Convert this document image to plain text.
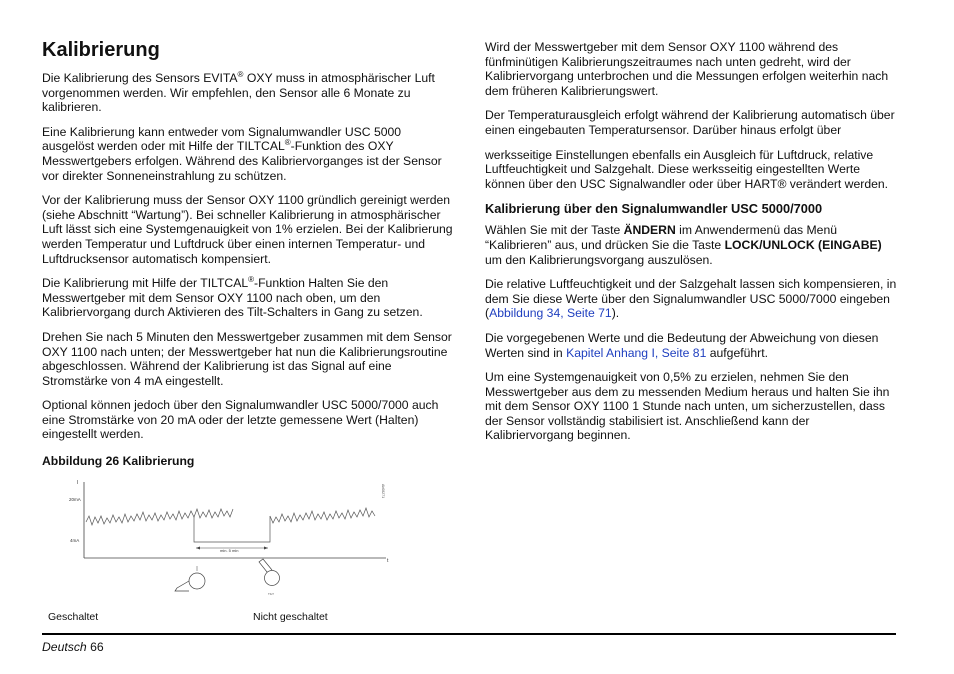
Kalibrierung

Die Kalibrierung des Sensors EVITA® OXY muss in atmosphärischer Luft vorgenommen werden. Wir empfehlen, den Sensor alle 6 Monate zu kalibrieren.

Eine Kalibrierung kann entweder vom Signalumwandler USC 5000 ausgelöst werden oder mit Hilfe der TILTCAL®-Funktion des OXY Messwertgebers erfolgen. Während des Kalibriervorganges ist der Sensor vor direkter Sonneneinstrahlung zu schützen.

Vor der Kalibrierung muss der Sensor OXY 1100 gründlich gereinigt werden (siehe Abschnitt “Wartung”). Bei schneller Kalibrierung in atmosphärischer Luft lässt sich eine Systemgenauigkeit von 1% erzielen. Bei der Kalibrierung werden Temperatur und Luftdruck über einen internen Temperatur- und Luftdrucksensor automatisch kompensiert.

Die Kalibrierung mit Hilfe der TILTCAL®-Funktion Halten Sie den Messwertgeber mit dem Sensor OXY 1100 nach oben, um den Kalibriervorgang durch Aktivieren des Tilt-Schalters in Gang zu setzen.

Drehen Sie nach 5 Minuten den Messwertgeber zusammen mit dem Sensor OXY 1100 nach unten; der Messwertgeber hat nun die Kalibrierungsroutine abgeschlossen. Während der Kalibrierung ist das Signal auf eine Stromstärke von 4 mA eingestellt.

Optional können jedoch über den Signalumwandler USC 5000/7000 auch eine Stromstärke von 20 mA oder der letzte gemessene Wert (Halten) eingestellt werden.

Abbildung 26 Kalibrierung
I
t
20mA
4mA
Ab08271
min. 5 min
TILT
Geschaltet	Nicht geschaltet

Wird der Messwertgeber mit dem Sensor OXY 1100 während des fünfminütigen Kalibrierungszeitraumes nach unten gedreht, wird der Kalibriervorgang unterbrochen und die Messungen erfolgen weiterhin nach dem früheren Kalibrierungswert.

Der Temperaturausgleich erfolgt während der Kalibrierung automatisch über einen eingebauten Temperatursensor. Darüber hinaus erfolgt über

werksseitige Einstellungen ebenfalls ein Ausgleich für Luftdruck, relative Luftfeuchtigkeit und Salzgehalt. Diese werksseitig eingestellten Werte können über den USC Signalwandler oder über HART® verändert werden.

Kalibrierung über den Signalumwandler USC 5000/7000

Wählen Sie mit der Taste ÄNDERN im Anwendermenü das Menü “Kalibrieren” aus, und drücken Sie die Taste LOCK/UNLOCK (EINGABE) um den Kalibrierungsvorgang auszulösen.

Die relative Luftfeuchtigkeit und der Salzgehalt lassen sich kompensieren, in dem Sie diese Werte über den Signalumwandler USC 5000/7000 eingeben (Abbildung 34, Seite 71).

Die vorgegebenen Werte und die Bedeutung der Abweichung von diesen Werten sind in Kapitel Anhang I, Seite 81 aufgeführt.

Um eine Systemgenauigkeit von 0,5% zu erzielen, nehmen Sie den Messwertgeber aus dem zu messenden Medium heraus und halten Sie ihn mit dem Sensor OXY 1100 1 Stunde nach unten, um sicherzustellen, dass der Sensor vollständig stabilisiert ist. Anschließend kann der Kalibriervorgang beginnen.

Deutsch 66
